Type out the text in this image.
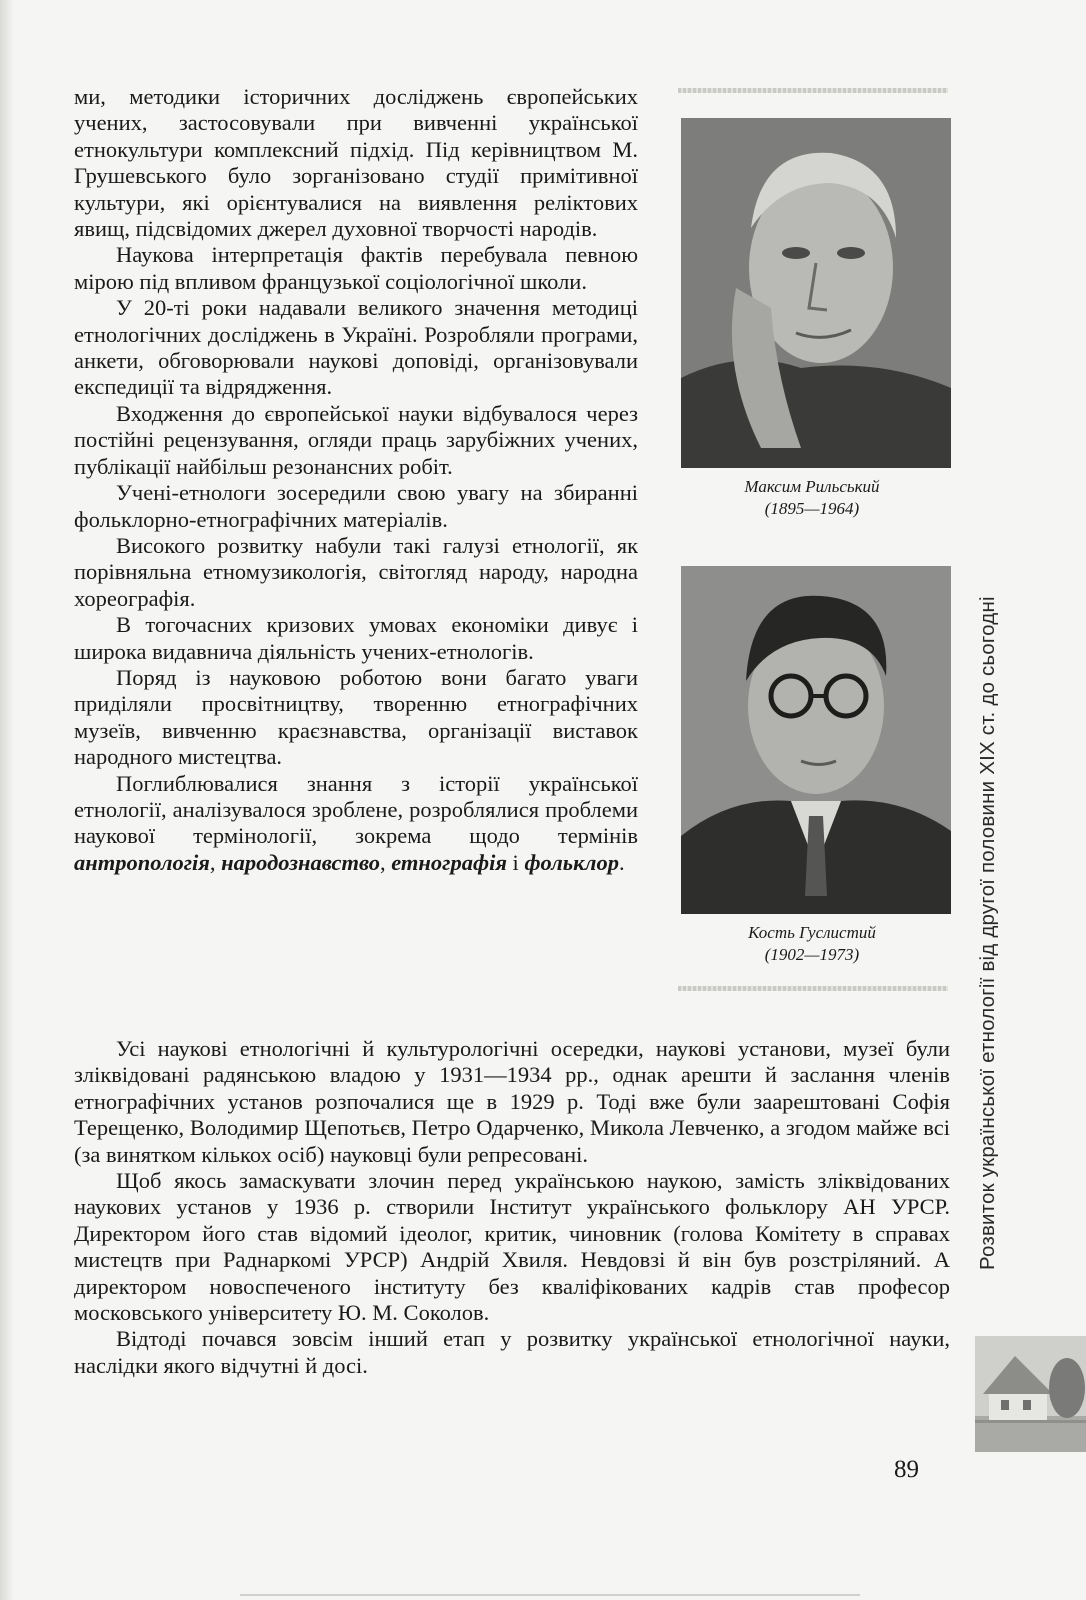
ми, методики історичних досліджень європейських учених, застосовували при вивченні української етнокультури комплексний підхід. Під керівництвом М. Грушевського було зорганізовано студії примітивної культури, які орієнтувалися на виявлення реліктових явищ, підсвідомих джерел духовної творчості народів.

Наукова інтерпретація фактів перебувала певною мірою під впливом французької соціологічної школи.

У 20-ті роки надавали великого значення методиці етнологічних досліджень в Україні. Розробляли програми, анкети, обговорювали наукові доповіді, організовували експедиції та відрядження.

Входження до європейської науки відбувалося через постійні рецензування, огляди праць зарубіжних учених, публікації найбільш резонансних робіт.

Учені-етнологи зосередили свою увагу на збиранні фольклорно-етнографічних матеріалів.

Високого розвитку набули такі галузі етнології, як порівняльна етномузикологія, світогляд народу, народна хореографія.

В тогочасних кризових умовах економіки дивує і широка видавнича діяльність учених-етнологів.

Поряд із науковою роботою вони багато уваги приділяли просвітництву, творенню етнографічних музеїв, вивченню краєзнавства, організації виставок народного мистецтва.

Поглиблювалися знання з історії української етнології, аналізувалося зроблене, розроблялися проблеми наукової термінології, зокрема щодо термінів антропологія, народознавство, етнографія і фольклор.

Максим Рильський
(1895—1964)
Кость Гуслистий
(1902—1973)

Усі наукові етнологічні й культурологічні осередки, наукові установи, музеї були зліквідовані радянською владою у 1931—1934 рр., однак арешти й заслання членів етнографічних установ розпочалися ще в 1929 р. Тоді вже були заарештовані Софія Терещенко, Володимир Щепотьєв, Петро Одарченко, Микола Левченко, а згодом майже всі (за винятком кількох осіб) науковці були репресовані.

Щоб якось замаскувати злочин перед українською наукою, замість зліквідованих наукових установ у 1936 р. створили Інститут українського фольклору АН УРСР. Директором його став відомий ідеолог, критик, чиновник (голова Комітету в справах мистецтв при Раднаркомі УРСР) Андрій Хвиля. Невдовзі й він був розстріляний. А директором новоспеченого інституту без кваліфікованих кадрів став професор московського університету Ю. М. Соколов.

Відтоді почався зовсім інший етап у розвитку української етнологічної науки, наслідки якого відчутні й досі.

Розвиток української етнології від другої половини XIX ст. до сьогодні
89
